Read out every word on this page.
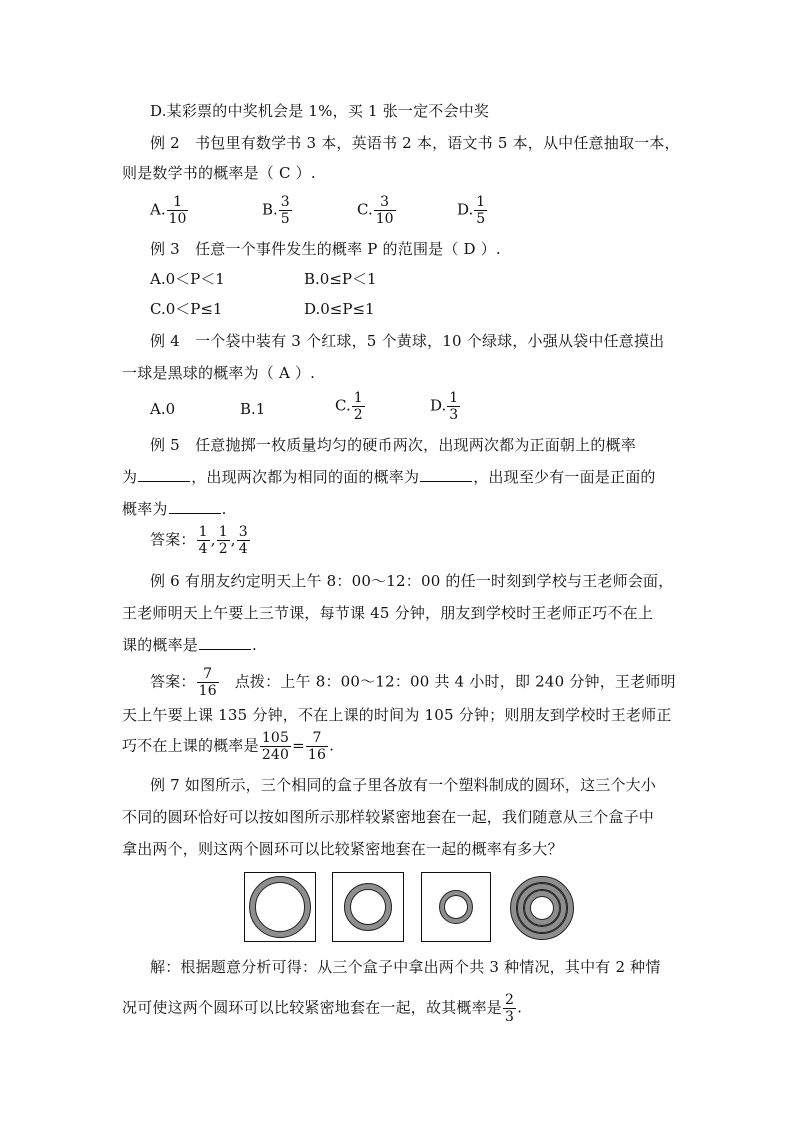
D.某彩票的中奖机会是 1%，买 1 张一定不会中奖
例 2　书包里有数学书 3 本，英语书 2 本，语文书 5 本，从中任意抽取一本，
则是数学书的概率是（ C ）.
A. $\frac{1}{10}$	B. $\frac{3}{5}$	C. $\frac{3}{10}$	D. $\frac{1}{5}$
例 3　任意一个事件发生的概率 P 的范围是（ D ）.
A.0＜P＜1	B.0≤P＜1
C.0＜P≤1	D.0≤P≤1
例 4　一个袋中装有 3 个红球，5 个黄球，10 个绿球，小强从袋中任意摸出
一球是黑球的概率为（ A ）.
A.0	B.1	C. $\frac{1}{2}$	D. $\frac{1}{3}$
例 5　任意抛掷一枚质量均匀的硬币两次，出现两次都为正面朝上的概率
为	，出现两次都为相同的面的概率为	，出现至少有一面是正面的
概率为	.
答案： $\frac{1}{4}$ , $\frac{1}{2}$ , $\frac{3}{4}$
例 6 有朋友约定明天上午 8：00～12：00 的任一时刻到学校与王老师会面，
王老师明天上午要上三节课，每节课 45 分钟，朋友到学校时王老师正巧不在上
课的概率是	.
答案： $\frac{7}{16}$ 点拨：上午 8：00～12：00 共 4 小时，即 240 分钟，王老师明
天上午要上课 135 分钟，不在上课的时间为 105 分钟；则朋友到学校时王老师正
巧不在上课的概率是 $\frac{105}{240} = \frac{7}{16}$ .
例 7 如图所示，三个相同的盒子里各放有一个塑料制成的圆环，这三个大小
不同的圆环恰好可以按如图所示那样较紧密地套在一起，我们随意从三个盒子中
拿出两个，则这两个圆环可以比较紧密地套在一起的概率有多大？
解：根据题意分析可得：从三个盒子中拿出两个共 3 种情况，其中有 2 种情
况可使这两个圆环可以比较紧密地套在一起，故其概率是 $\frac{2}{3}$ .
